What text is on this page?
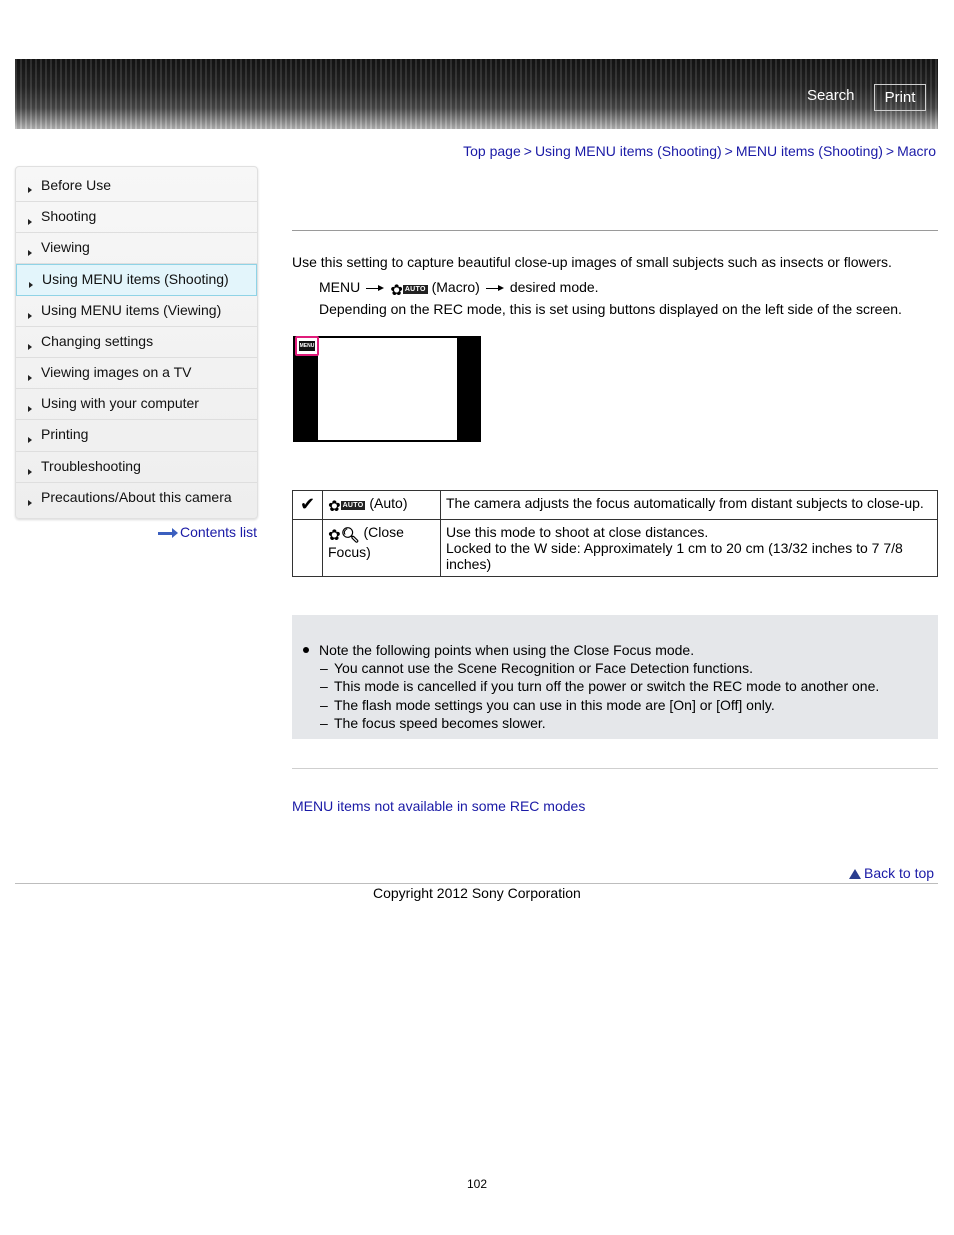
Search	Print
Top page > Using MENU items (Shooting) > MENU items (Shooting) > Macro
Before Use
Shooting
Viewing
Using MENU items (Shooting)
Using MENU items (Viewing)
Changing settings
Viewing images on a TV
Using with your computer
Printing
Troubleshooting
Precautions/About this camera
Contents list
Use this setting to capture beautiful close-up images of small subjects such as insects or flowers.
MENU ✿ AUTO (Macro) desired mode.
Depending on the REC mode, this is set using buttons displayed on the left side of the screen.
MENU
✔	✿ AUTO (Auto)	The camera adjusts the focus automatically from distant subjects to close-up.

	✿🔍︎ (Close Focus)	Use this mode to shoot at close distances.
Locked to the W side: Approximately 1 cm to 20 cm (13/32 inches to 7 7/8 inches)
Note the following points when using the Close Focus mode.
– You cannot use the Scene Recognition or Face Detection functions.
– This mode is cancelled if you turn off the power or switch the REC mode to another one.
– The flash mode settings you can use in this mode are [On] or [Off] only.
– The focus speed becomes slower.
MENU items not available in some REC modes
Back to top
Copyright 2012 Sony Corporation
102
